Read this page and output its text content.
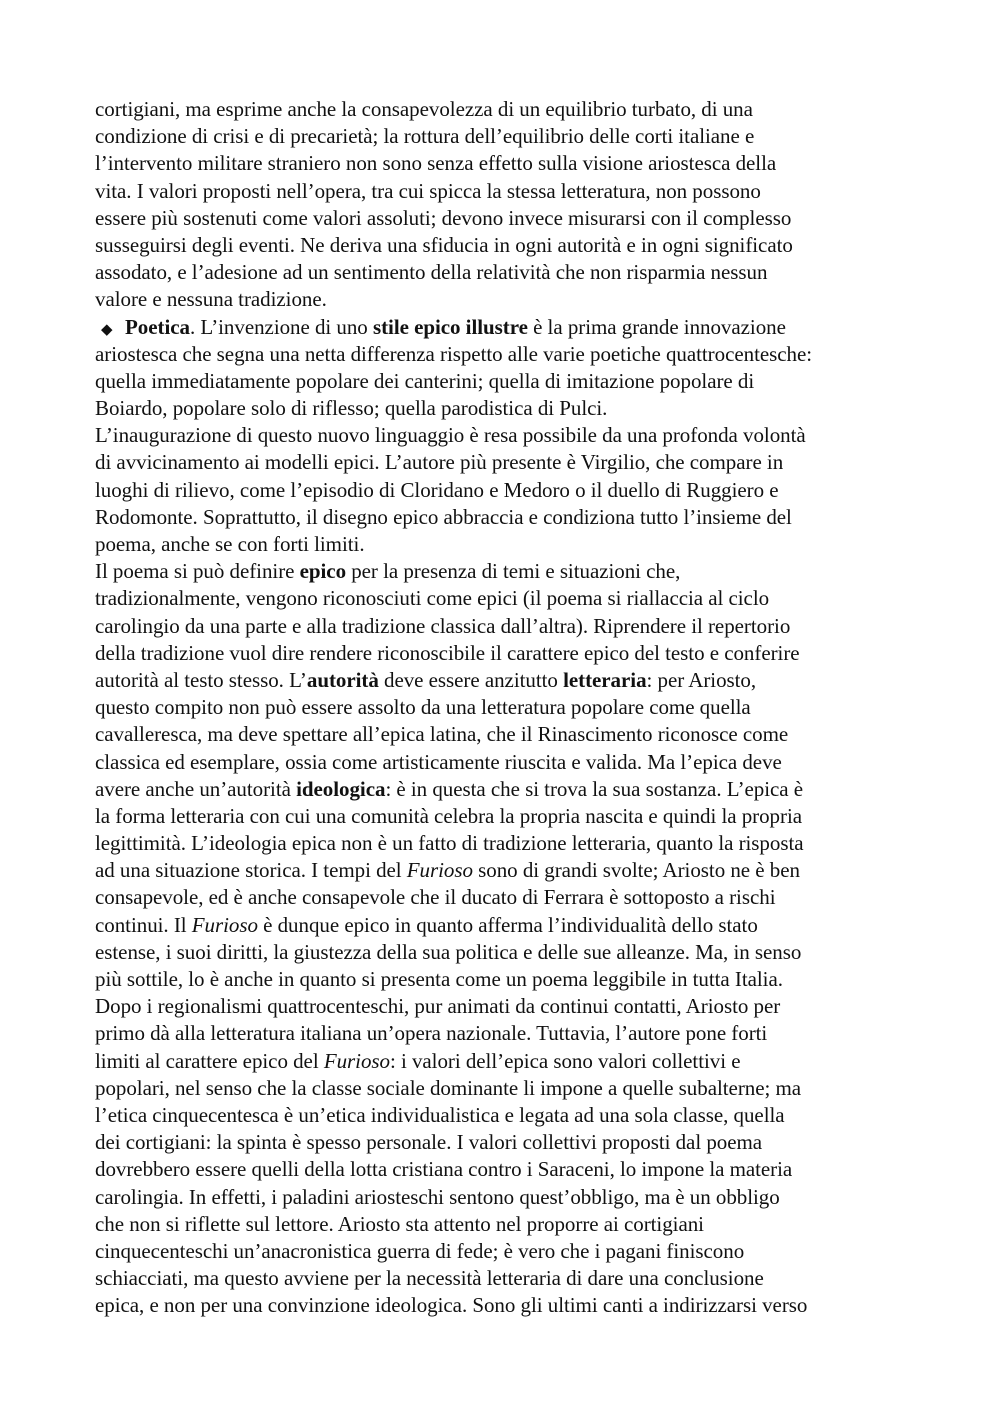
cortigiani, ma esprime anche la consapevolezza di un equilibrio turbato, di una
condizione di crisi e di precarietà; la rottura dell’equilibrio delle corti italiane e
l’intervento militare straniero non sono senza effetto sulla visione ariostesca della
vita. I valori proposti nell’opera, tra cui spicca la stessa letteratura, non possono
essere più sostenuti come valori assoluti; devono invece misurarsi con il complesso
susseguirsi degli eventi. Ne deriva una sfiducia in ogni autorità e in ogni significato
assodato, e l’adesione ad un sentimento della relatività che non risparmia nessun
valore e nessuna tradizione.
◆ Poetica. L’invenzione di uno stile epico illustre è la prima grande innovazione
ariostesca che segna una netta differenza rispetto alle varie poetiche quattrocentesche:
quella immediatamente popolare dei canterini; quella di imitazione popolare di
Boiardo, popolare solo di riflesso; quella parodistica di Pulci.
L’inaugurazione di questo nuovo linguaggio è resa possibile da una profonda volontà
di avvicinamento ai modelli epici. L’autore più presente è Virgilio, che compare in
luoghi di rilievo, come l’episodio di Cloridano e Medoro o il duello di Ruggiero e
Rodomonte. Soprattutto, il disegno epico abbraccia e condiziona tutto l’insieme del
poema, anche se con forti limiti.
Il poema si può definire epico per la presenza di temi e situazioni che,
tradizionalmente, vengono riconosciuti come epici (il poema si riallaccia al ciclo
carolingio da una parte e alla tradizione classica dall’altra). Riprendere il repertorio
della tradizione vuol dire rendere riconoscibile il carattere epico del testo e conferire
autorità al testo stesso. L’autorità deve essere anzitutto letteraria: per Ariosto,
questo compito non può essere assolto da una letteratura popolare come quella
cavalleresca, ma deve spettare all’epica latina, che il Rinascimento riconosce come
classica ed esemplare, ossia come artisticamente riuscita e valida. Ma l’epica deve
avere anche un’autorità ideologica: è in questa che si trova la sua sostanza. L’epica è
la forma letteraria con cui una comunità celebra la propria nascita e quindi la propria
legittimità. L’ideologia epica non è un fatto di tradizione letteraria, quanto la risposta
ad una situazione storica. I tempi del Furioso sono di grandi svolte; Ariosto ne è ben
consapevole, ed è anche consapevole che il ducato di Ferrara è sottoposto a rischi
continui. Il Furioso è dunque epico in quanto afferma l’individualità dello stato
estense, i suoi diritti, la giustezza della sua politica e delle sue alleanze. Ma, in senso
più sottile, lo è anche in quanto si presenta come un poema leggibile in tutta Italia.
Dopo i regionalismi quattrocenteschi, pur animati da continui contatti, Ariosto per
primo dà alla letteratura italiana un’opera nazionale. Tuttavia, l’autore pone forti
limiti al carattere epico del Furioso: i valori dell’epica sono valori collettivi e
popolari, nel senso che la classe sociale dominante li impone a quelle subalterne; ma
l’etica cinquecentesca è un’etica individualistica e legata ad una sola classe, quella
dei cortigiani: la spinta è spesso personale. I valori collettivi proposti dal poema
dovrebbero essere quelli della lotta cristiana contro i Saraceni, lo impone la materia
carolingia. In effetti, i paladini ariosteschi sentono quest’obbligo, ma è un obbligo
che non si riflette sul lettore. Ariosto sta attento nel proporre ai cortigiani
cinquecenteschi un’anacronistica guerra di fede; è vero che i pagani finiscono
schiacciati, ma questo avviene per la necessità letteraria di dare una conclusione
epica, e non per una convinzione ideologica. Sono gli ultimi canti a indirizzarsi verso
